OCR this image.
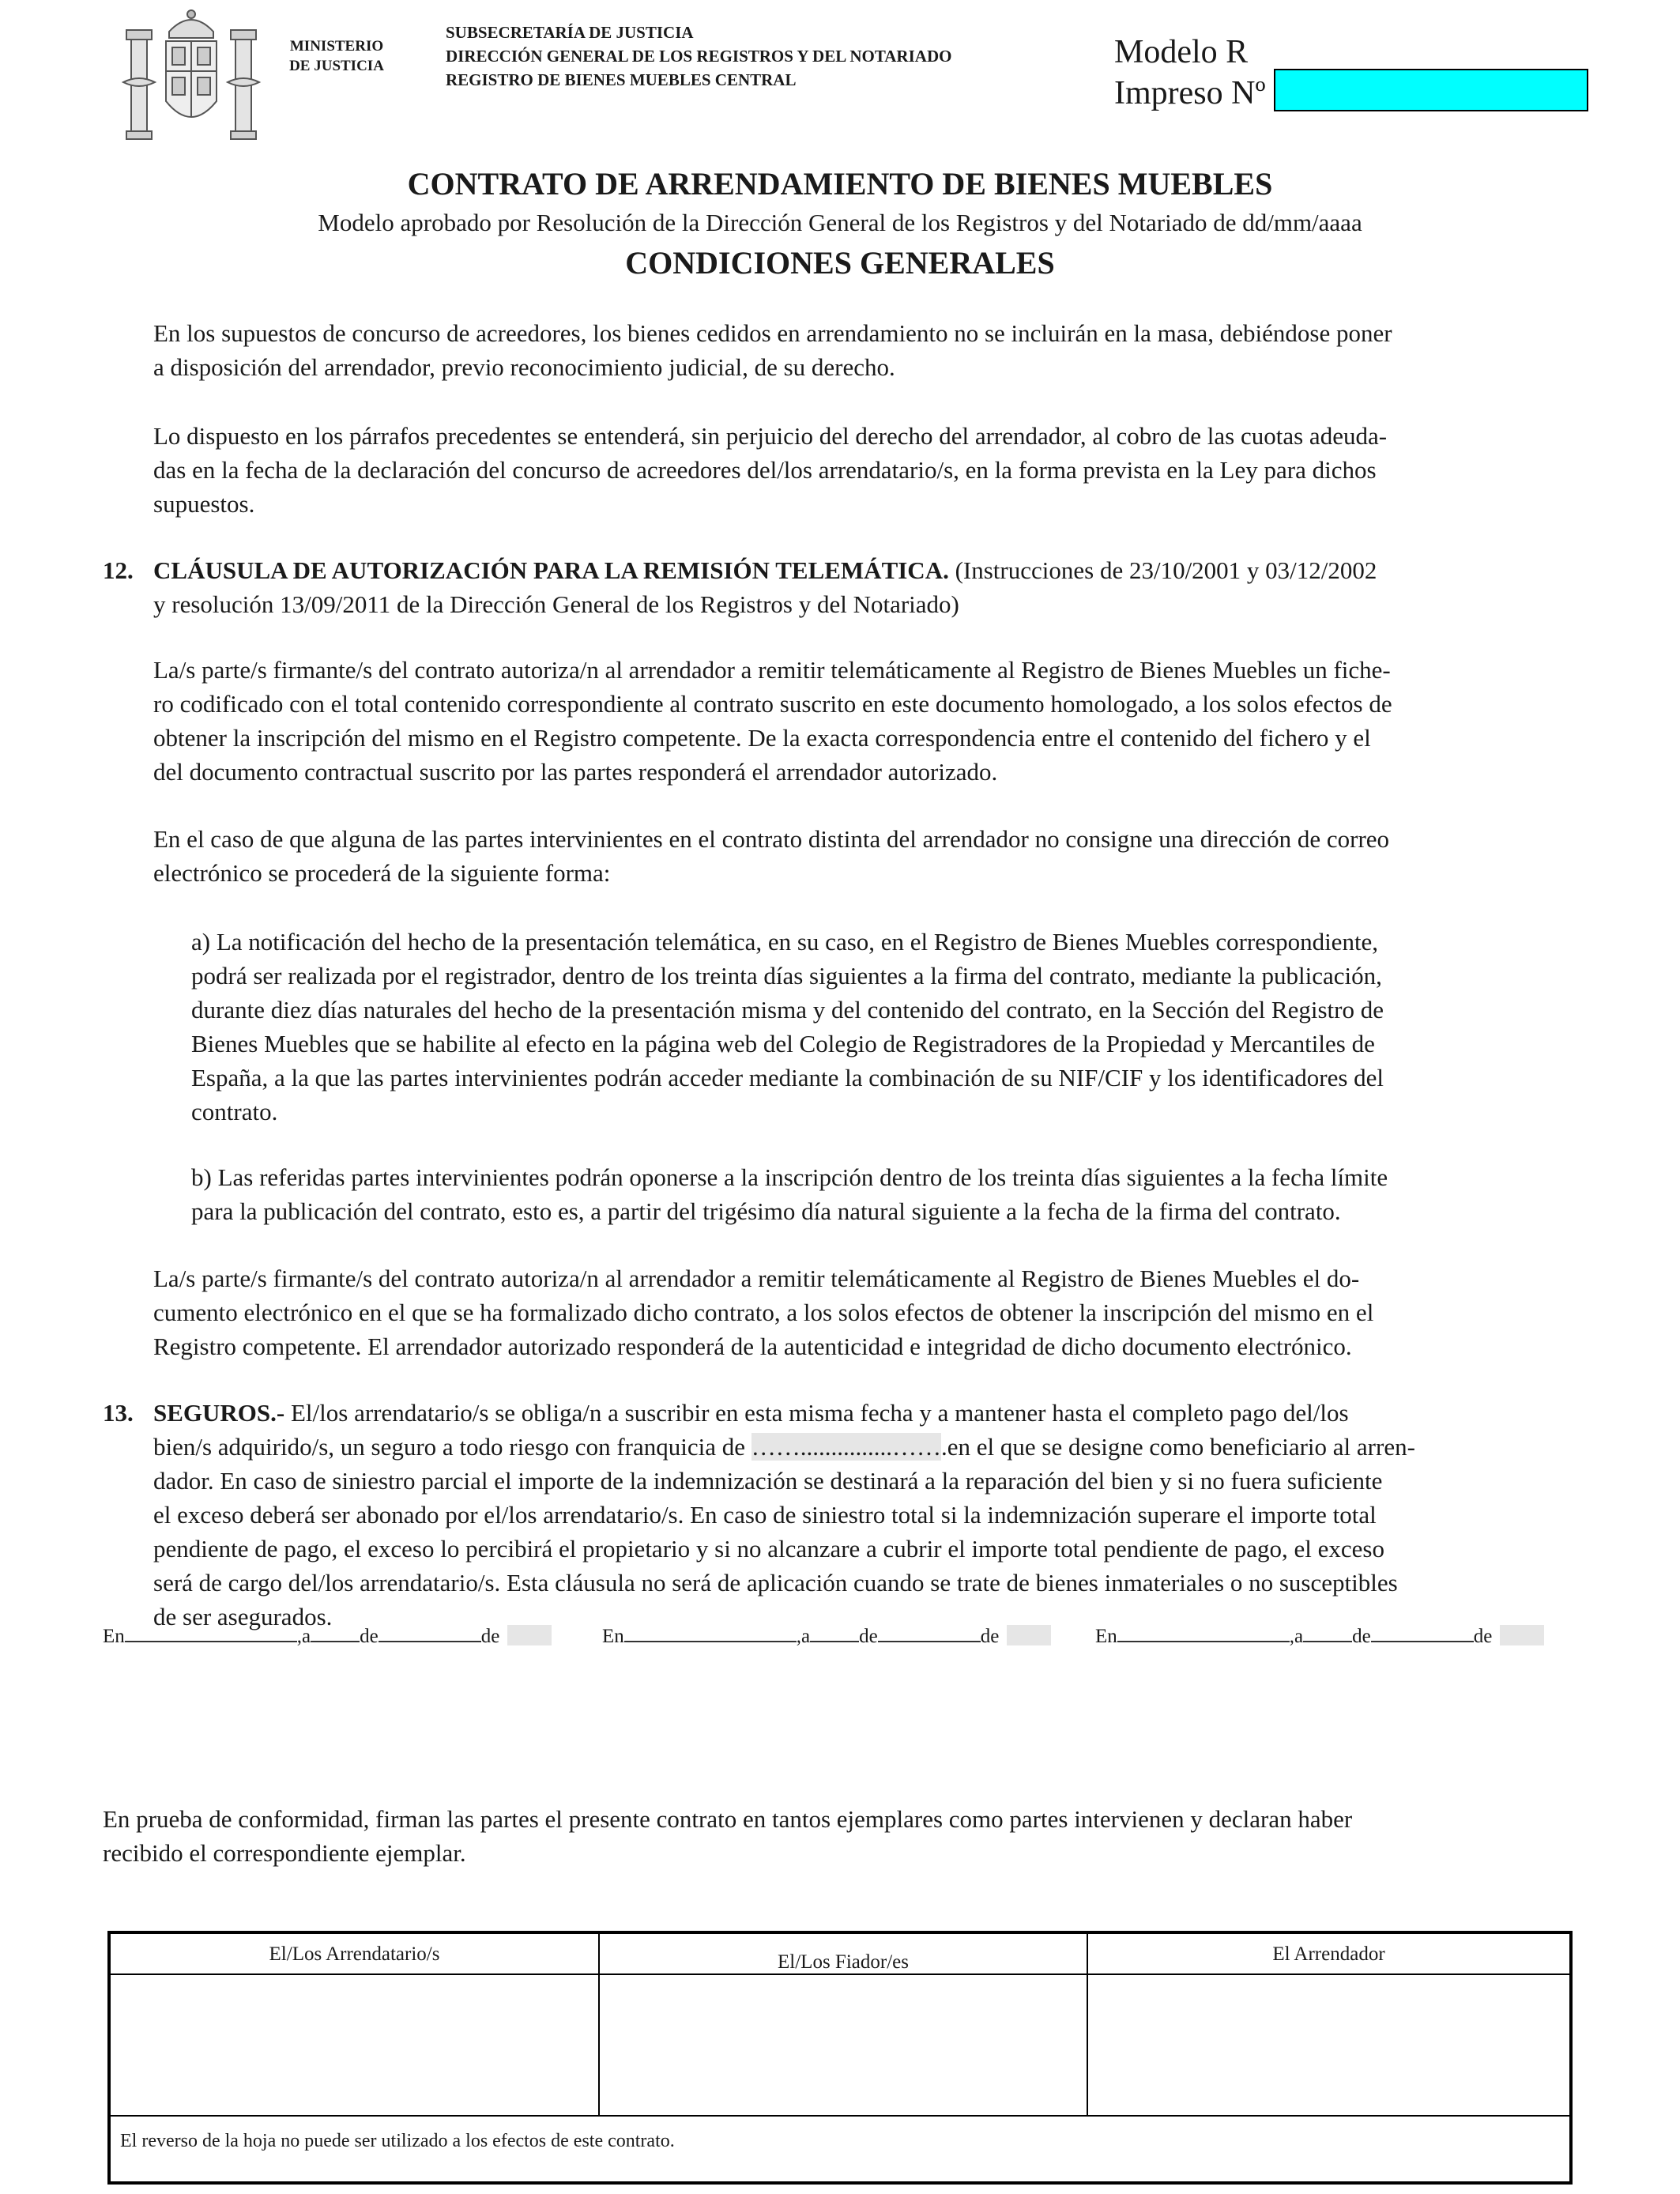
MINISTERIO
DE JUSTICIA
SUBSECRETARÍA DE JUSTICIA
DIRECCIÓN GENERAL DE LOS REGISTROS Y DEL NOTARIADO
REGISTRO DE BIENES MUEBLES CENTRAL
Modelo R
Impreso Nº
CONTRATO DE ARRENDAMIENTO DE BIENES MUEBLES
Modelo aprobado por Resolución de la Dirección General de los Registros y del Notariado de dd/mm/aaaa
CONDICIONES GENERALES
En los supuestos de concurso de acreedores, los bienes cedidos en arrendamiento no se incluirán en la masa, debiéndose poner
a disposición del arrendador, previo reconocimiento judicial, de su derecho.
Lo dispuesto en los párrafos precedentes se entenderá, sin perjuicio del derecho del arrendador, al cobro de las cuotas adeuda-
das en la fecha de la declaración del concurso de acreedores del/los arrendatario/s, en la forma prevista en la Ley para dichos
supuestos.
12. CLÁUSULA DE AUTORIZACIÓN PARA LA REMISIÓN TELEMÁTICA. (Instrucciones de 23/10/2001 y 03/12/2002
y resolución 13/09/2011 de la Dirección General de los Registros y del Notariado)
La/s parte/s firmante/s del contrato autoriza/n al arrendador a remitir telemáticamente al Registro de Bienes Muebles un fiche-
ro codificado con el total contenido correspondiente al contrato suscrito en este documento homologado, a los solos efectos de
obtener la inscripción del mismo en el Registro competente. De la exacta correspondencia entre el contenido del fichero y el
del documento contractual suscrito por las partes responderá el arrendador autorizado.
En el caso de que alguna de las partes intervinientes en el contrato distinta del arrendador no consigne una dirección de correo
electrónico se procederá de la siguiente forma:
a) La notificación del hecho de la presentación telemática, en su caso, en el Registro de Bienes Muebles correspondiente,
podrá ser realizada por el registrador, dentro de los treinta días siguientes a la firma del contrato, mediante la publicación,
durante diez días naturales del hecho de la presentación misma y del contenido del contrato, en la Sección del Registro de
Bienes Muebles que se habilite al efecto en la página web del Colegio de Registradores de la Propiedad y Mercantiles de
España, a la que las partes intervinientes podrán acceder mediante la combinación de su NIF/CIF y los identificadores del
contrato.
b) Las referidas partes intervinientes podrán oponerse a la inscripción dentro de los treinta días siguientes a la fecha límite
para la publicación del contrato, esto es, a partir del trigésimo día natural siguiente a la fecha de la firma del contrato.
La/s parte/s firmante/s del contrato autoriza/n al arrendador a remitir telemáticamente al Registro de Bienes Muebles el do-
cumento electrónico en el que se ha formalizado dicho contrato, a los solos efectos de obtener la inscripción del mismo en el
Registro competente. El arrendador autorizado responderá de la autenticidad e integridad de dicho documento electrónico.
13. SEGUROS.- El/los arrendatario/s se obliga/n a suscribir en esta misma fecha y a mantener hasta el completo pago del/los
bien/s adquirido/s, un seguro a todo riesgo con franquicia de ……...............…….en el que se designe como beneficiario al arren-
dador. En caso de siniestro parcial el importe de la indemnización se destinará a la reparación del bien y si no fuera suficiente
el exceso deberá ser abonado por el/los arrendatario/s. En caso de siniestro total si la indemnización superare el importe total
pendiente de pago, el exceso lo percibirá el propietario y si no alcanzare a cubrir el importe total pendiente de pago, el exceso
será de cargo del/los arrendatario/s. Esta cláusula no será de aplicación cuando se trate de bienes inmateriales o no susceptibles
de ser asegurados.
En prueba de conformidad, firman las partes el presente contrato en tantos ejemplares como partes intervienen y declaran haber
recibido el correspondiente ejemplar.
En	,a de	de	En	,a de	de	En	,a de	de
El/Los Arrendatario/s	El/Los Fiador/es	El Arrendador
El reverso de la hoja no puede ser utilizado a los efectos de este contrato.
